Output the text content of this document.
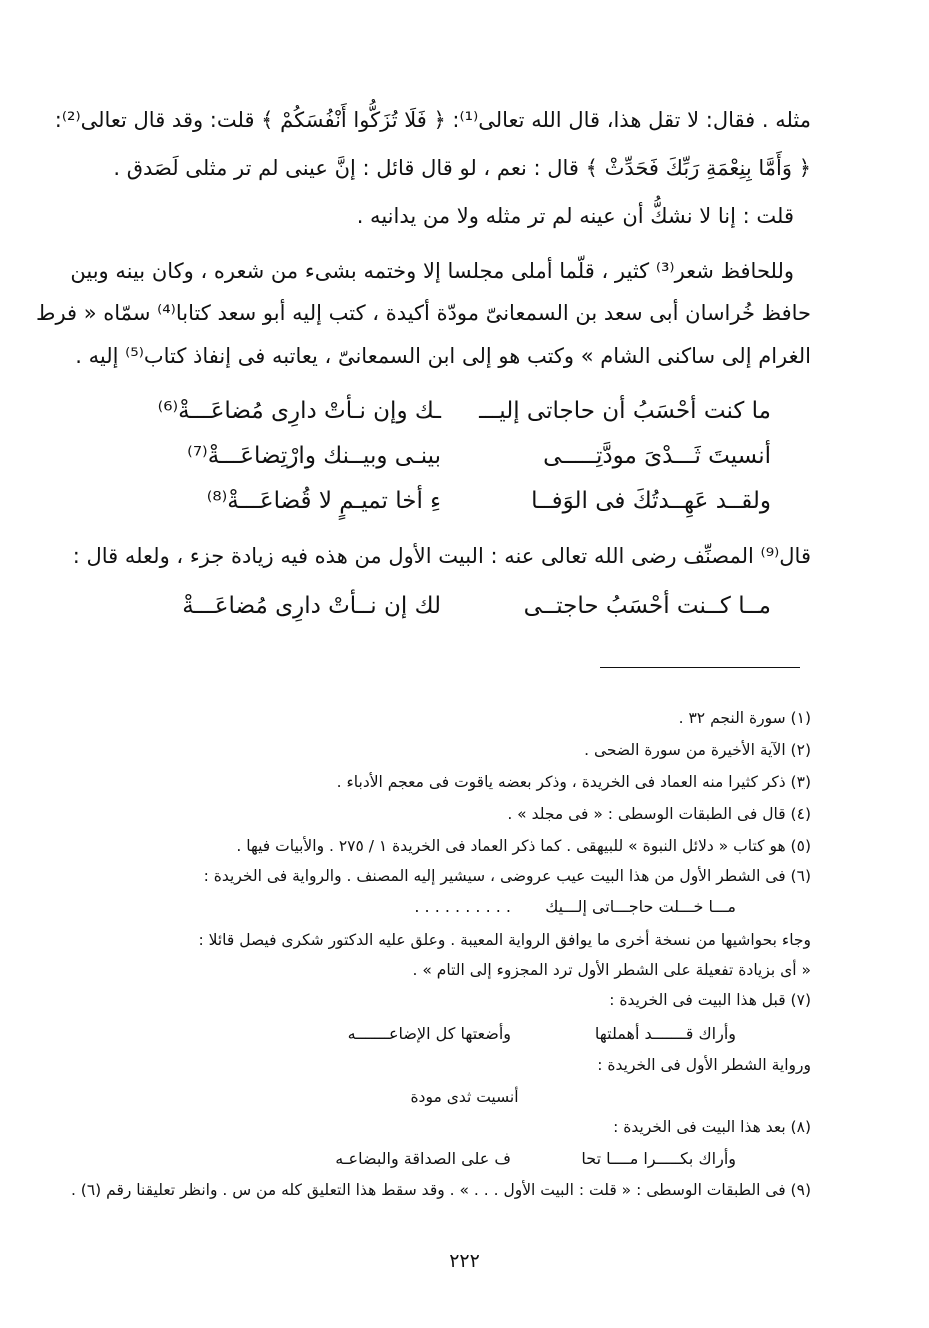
مثله . فقال: لا تقل هذا، قال الله تعالى⁽¹⁾: ﴿ فَلَا تُزَكُّوا أَنْفُسَكُمْ ﴾ قلت: وقد قال تعالى⁽²⁾:
﴿ وَأَمَّا بِنِعْمَةِ رَبِّكَ فَحَدِّثْ ﴾ قال : نعم ، لو قال قائل : إنَّ عينى لم تر مثلى لَصَدق .
قلت : إنا لا نشكُّ أن عينه لم تر مثله ولا من يدانيه .
وللحافظ شعر⁽³⁾ كثير ، قلّما أملى مجلسا إلا وختمه بشىء من شعره ، وكان بينه وبين
حافظ خُراسان أبى سعد بن السمعانىّ مودّة أكيدة ، كتب إليه أبو سعد كتابا⁽⁴⁾ سمّاه « فرط
الغرام إلى ساكنى الشام » وكتب هو إلى ابن السمعانىّ ، يعاتبه فى إنفاذ كتاب⁽⁵⁾ إليه .
ما كنت أحْسَبُ أن حاجاتى إليـــ
ـك وإن نـأتْ دارِى مُضاعَـــةْ⁽⁶⁾
أنسيتَ ثَـــدْىَ مودَّتِـــــى
بينـى وبيــنك وارْتِضاعَـــةْ⁽⁷⁾
ولقــد عَهِــدتُكَ فى الوَفــا
ءِ أخا تميـمٍ لا قُضاعَـــةْ⁽⁸⁾
قال⁽⁹⁾ المصنِّف رضى الله تعالى عنه : البيت الأول من هذه فيه زيادة جزء ، ولعله قال :
مــا كــنت أحْسَبُ حاجتــى
لك إن نــأتْ دارِى مُضاعَـــةْ
(١) سورة النجم ٣٢ .
(٢) الآية الأخيرة من سورة الضحى .
(٣) ذكر كثيرا منه العماد فى الخريدة ، وذكر بعضه ياقوت فى معجم الأدباء .
(٤) قال فى الطبقات الوسطى : « فى مجلد » .
(٥) هو كتاب « دلائل النبوة » للبيهقى . كما ذكر العماد فى الخريدة ١ / ٢٧٥ . والأبيات فيها .
(٦) فى الشطر الأول من هذا البيت عيب عروضى ، سيشير إليه المصنف . والرواية فى الخريدة :
مـــا خـــلت حاجـــاتى إلـــيك
. . . . . . . . . .
وجاء بحواشيها من نسخة أخرى ما يوافق الرواية المعيبة . وعلق عليه الدكتور شكرى فيصل قائلا :
« أى بزيادة تفعيلة على الشطر الأول ترد المجزوء إلى التام » .
(٧) قبل هذا البيت فى الخريدة :
وأراك قـــــــد أهملتها
وأضعتها كل الإضاعـــــــه
ورواية الشطر الأول فى الخريدة :
أنسيت ثدى مودة
(٨) بعد هذا البيت فى الخريدة :
وأراك بكـــــرا مــــا تحا
ف على الصداقة والبضاعـه
(٩) فى الطبقات الوسطى : « قلت : البيت الأول . . . » . وقد سقط هذا التعليق كله من س . وانظر تعليقنا رقم (٦) .
٢٢٢
